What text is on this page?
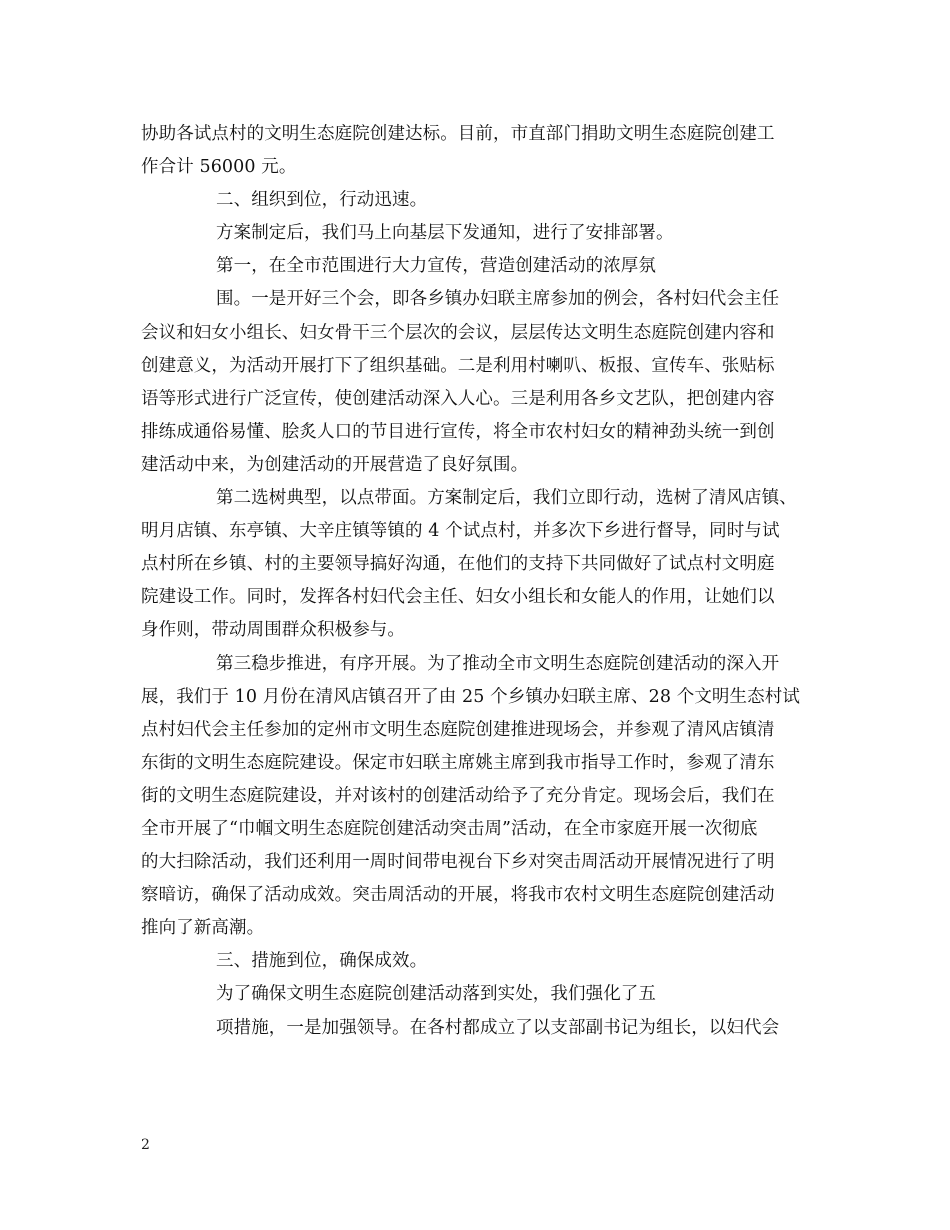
协助各试点村的文明生态庭院创建达标。目前，市直部门捐助文明生态庭院创建工
作合计 56000 元。
二、组织到位，行动迅速。
方案制定后，我们马上向基层下发通知，进行了安排部署。
第一，在全市范围进行大力宣传，营造创建活动的浓厚氛
围。一是开好三个会，即各乡镇办妇联主席参加的例会，各村妇代会主任
会议和妇女小组长、妇女骨干三个层次的会议，层层传达文明生态庭院创建内容和
创建意义，为活动开展打下了组织基础。二是利用村喇叭、板报、宣传车、张贴标
语等形式进行广泛宣传，使创建活动深入人心。三是利用各乡文艺队，把创建内容
排练成通俗易懂、脍炙人口的节目进行宣传，将全市农村妇女的精神劲头统一到创
建活动中来，为创建活动的开展营造了良好氛围。
第二选树典型，以点带面。方案制定后，我们立即行动，选树了清风店镇、
明月店镇、东亭镇、大辛庄镇等镇的 4 个试点村，并多次下乡进行督导，同时与试
点村所在乡镇、村的主要领导搞好沟通，在他们的支持下共同做好了试点村文明庭
院建设工作。同时，发挥各村妇代会主任、妇女小组长和女能人的作用，让她们以
身作则，带动周围群众积极参与。
第三稳步推进，有序开展。为了推动全市文明生态庭院创建活动的深入开
展，我们于 10 月份在清风店镇召开了由 25 个乡镇办妇联主席、28 个文明生态村试
点村妇代会主任参加的定州市文明生态庭院创建推进现场会，并参观了清风店镇清
东街的文明生态庭院建设。保定市妇联主席姚主席到我市指导工作时，参观了清东
街的文明生态庭院建设，并对该村的创建活动给予了充分肯定。现场会后，我们在
全市开展了“巾帼文明生态庭院创建活动突击周”活动，在全市家庭开展一次彻底
的大扫除活动，我们还利用一周时间带电视台下乡对突击周活动开展情况进行了明
察暗访，确保了活动成效。突击周活动的开展，将我市农村文明生态庭院创建活动
推向了新高潮。
三、措施到位，确保成效。
为了确保文明生态庭院创建活动落到实处，我们强化了五
项措施，一是加强领导。在各村都成立了以支部副书记为组长，以妇代会
2
